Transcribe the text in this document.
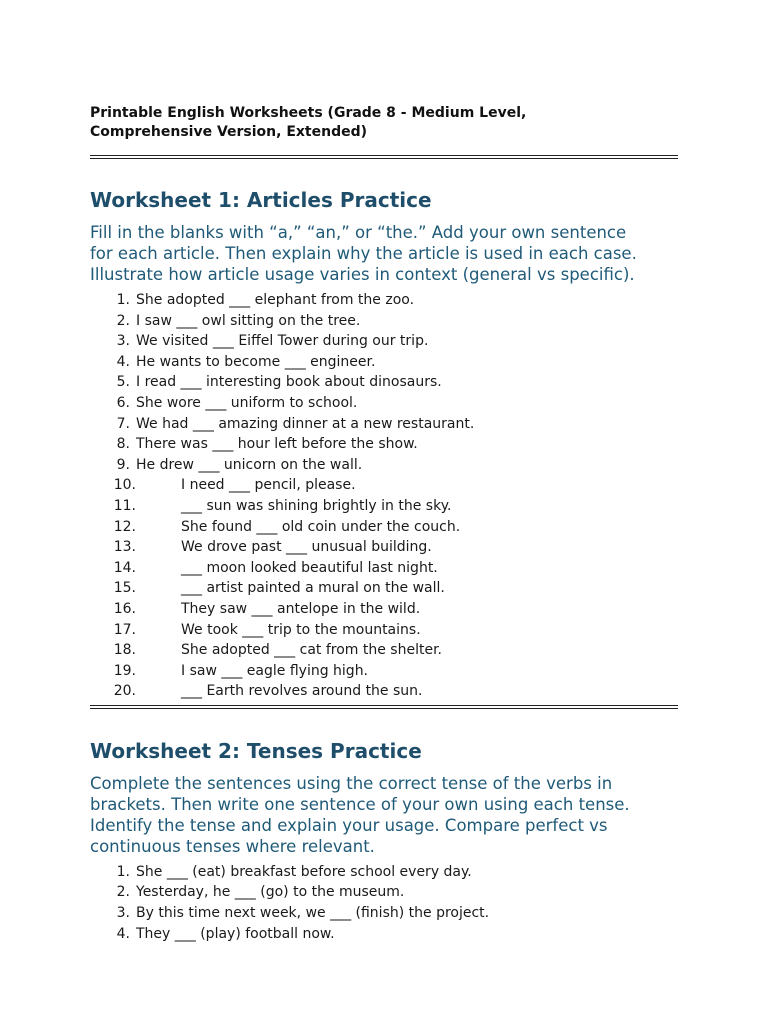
Printable English Worksheets (Grade 8 - Medium Level,
Comprehensive Version, Extended)

Worksheet 1: Articles Practice

Fill in the blanks with “a,” “an,” or “the.” Add your own sentence
for each article. Then explain why the article is used in each case.
Illustrate how article usage varies in context (general vs specific).

1. She adopted ___ elephant from the zoo.
2. I saw ___ owl sitting on the tree.
3. We visited ___ Eiffel Tower during our trip.
4. He wants to become ___ engineer.
5. I read ___ interesting book about dinosaurs.
6. She wore ___ uniform to school.
7. We had ___ amazing dinner at a new restaurant.
8. There was ___ hour left before the show.
9. He drew ___ unicorn on the wall.
10.	I need ___ pencil, please.
11.	___ sun was shining brightly in the sky.
12.	She found ___ old coin under the couch.
13.	We drove past ___ unusual building.
14.	___ moon looked beautiful last night.
15.	___ artist painted a mural on the wall.
16.	They saw ___ antelope in the wild.
17.	We took ___ trip to the mountains.
18.	She adopted ___ cat from the shelter.
19.	I saw ___ eagle flying high.
20.	___ Earth revolves around the sun.
Worksheet 2: Tenses Practice

Complete the sentences using the correct tense of the verbs in
brackets. Then write one sentence of your own using each tense.
Identify the tense and explain your usage. Compare perfect vs
continuous tenses where relevant.

1. She ___ (eat) breakfast before school every day.
2. Yesterday, he ___ (go) to the museum.
3. By this time next week, we ___ (finish) the project.
4. They ___ (play) football now.
